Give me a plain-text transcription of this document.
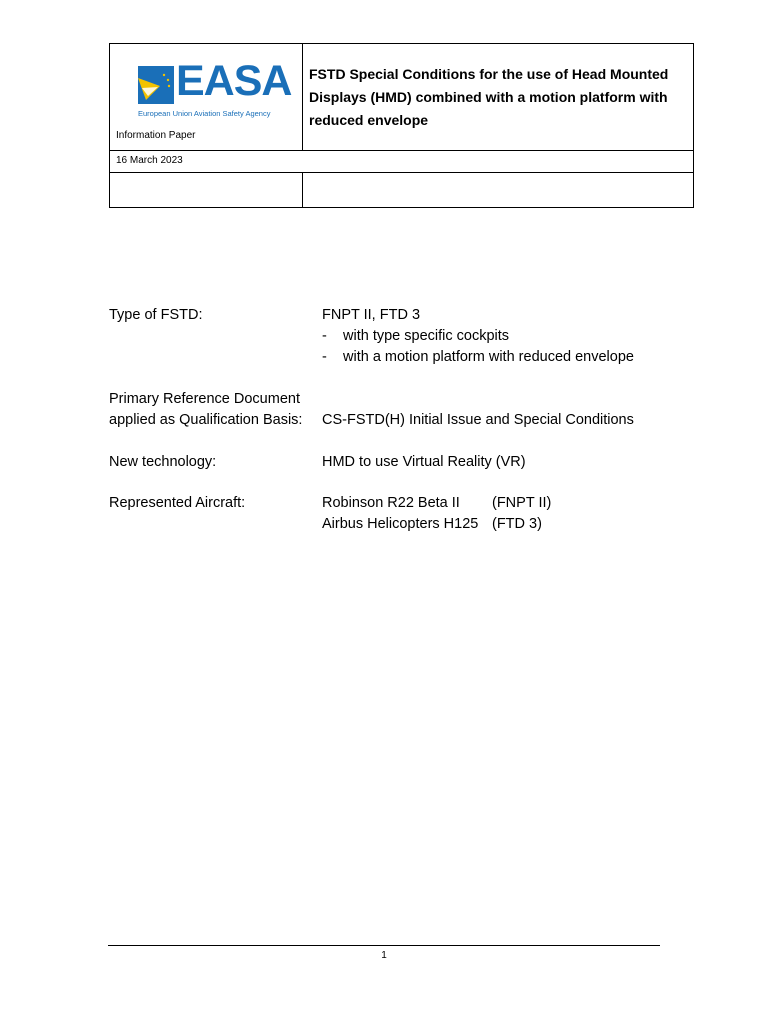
EASA
European Union Aviation Safety Agency
Information Paper	FSTD Special Conditions for the use of Head Mounted Displays (HMD) combined with a motion platform with reduced envelope
16 March 2023	

Type of FSTD:	FNPT II, FTD 3
-	with type specific cockpits
-	with a motion platform with reduced envelope
Primary Reference Document
applied as Qualification Basis: CS-FSTD(H) Initial Issue and Special Conditions
New technology:	HMD to use Virtual Reality (VR)
Represented Aircraft:	Robinson R22 Beta II (FNPT II)
Airbus Helicopters H125 (FTD 3)
1
